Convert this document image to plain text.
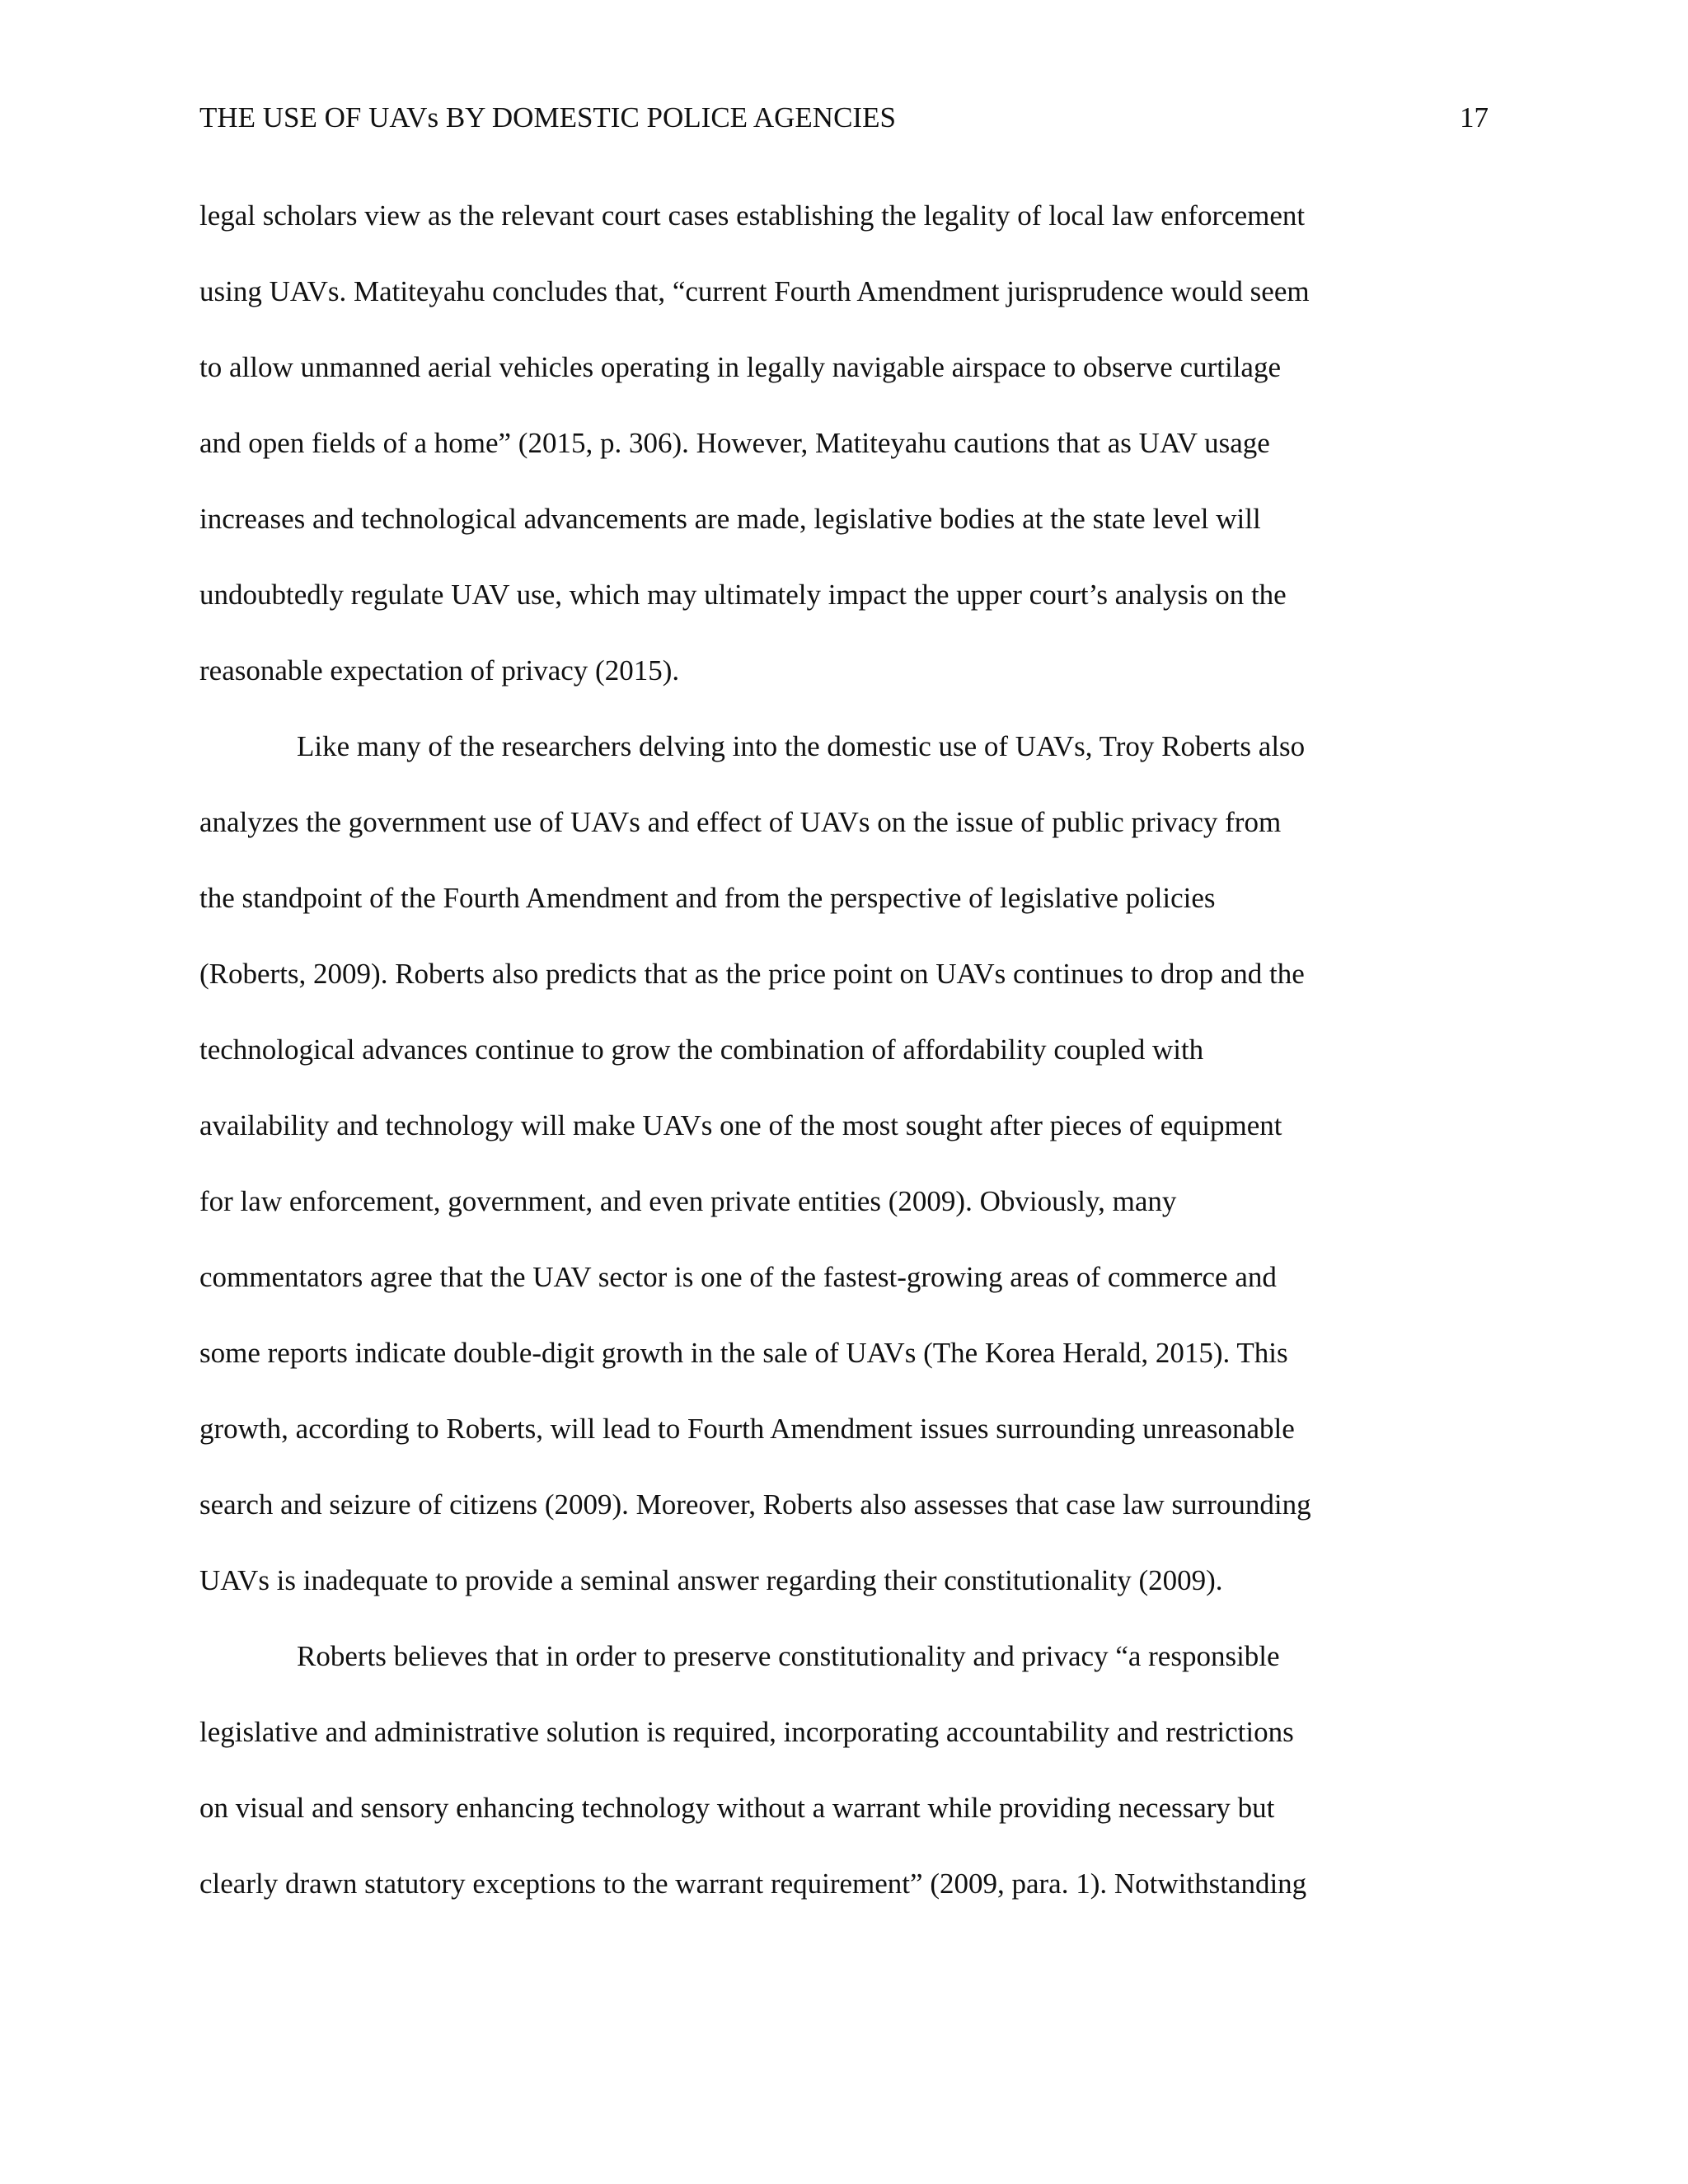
THE USE OF UAVs BY DOMESTIC POLICE AGENCIES	17
legal scholars view as the relevant court cases establishing the legality of local law enforcement
using UAVs. Matiteyahu concludes that, “current Fourth Amendment jurisprudence would seem
to allow unmanned aerial vehicles operating in legally navigable airspace to observe curtilage
and open fields of a home” (2015, p. 306). However, Matiteyahu cautions that as UAV usage
increases and technological advancements are made, legislative bodies at the state level will
undoubtedly regulate UAV use, which may ultimately impact the upper court’s analysis on the
reasonable expectation of privacy (2015).
Like many of the researchers delving into the domestic use of UAVs, Troy Roberts also
analyzes the government use of UAVs and effect of UAVs on the issue of public privacy from
the standpoint of the Fourth Amendment and from the perspective of legislative policies
(Roberts, 2009). Roberts also predicts that as the price point on UAVs continues to drop and the
technological advances continue to grow the combination of affordability coupled with
availability and technology will make UAVs one of the most sought after pieces of equipment
for law enforcement, government, and even private entities (2009). Obviously, many
commentators agree that the UAV sector is one of the fastest-growing areas of commerce and
some reports indicate double-digit growth in the sale of UAVs (The Korea Herald, 2015). This
growth, according to Roberts, will lead to Fourth Amendment issues surrounding unreasonable
search and seizure of citizens (2009). Moreover, Roberts also assesses that case law surrounding
UAVs is inadequate to provide a seminal answer regarding their constitutionality (2009).
Roberts believes that in order to preserve constitutionality and privacy “a responsible
legislative and administrative solution is required, incorporating accountability and restrictions
on visual and sensory enhancing technology without a warrant while providing necessary but
clearly drawn statutory exceptions to the warrant requirement” (2009, para. 1). Notwithstanding
